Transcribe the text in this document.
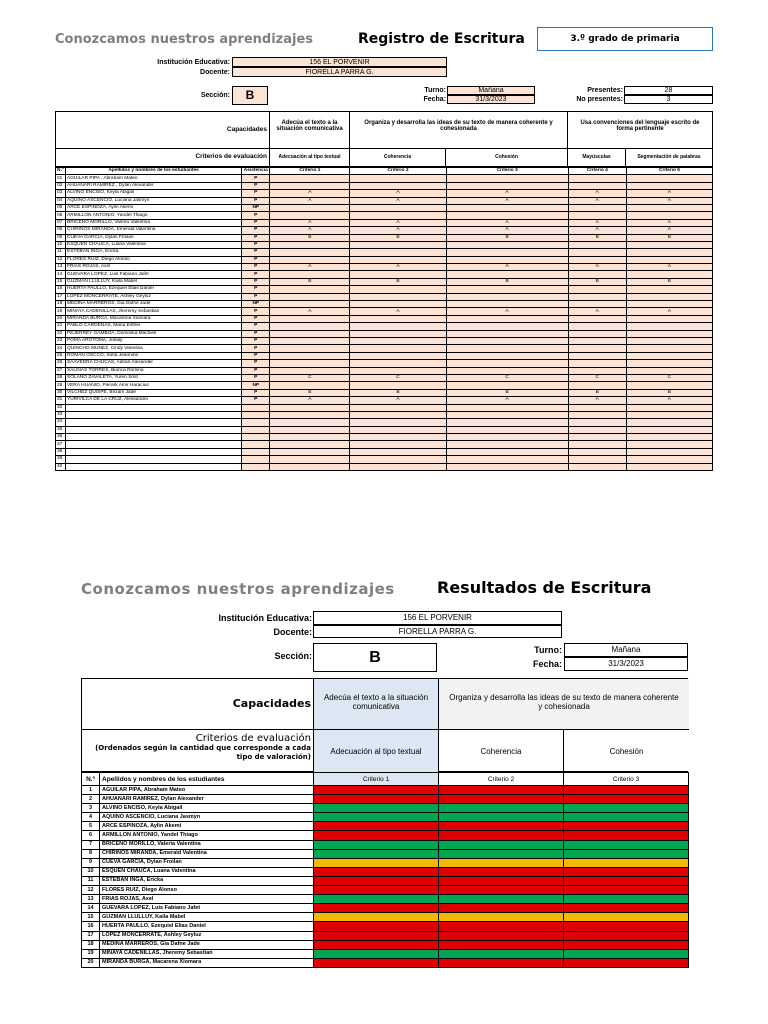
Conozcamos nuestros aprendizajes	Registro de Escritura	3.º grado de primaria
Institución Educativa:	156 EL PORVENIR
Docente:	FIORELLA PARRA G.
Sección:	B	Turno:	Mañana
Fecha:	31/3/2023
Presentes:	28
No presentes:	3
Capacidades
Adecúa el texto a la situación comunicativa
Organiza y desarrolla las ideas de su texto de manera coherente y cohesionada
Usa convenciones del lenguaje escrito de forma pertinente
Criterios de evaluación	Adecuación al tipo textual	Coherencia	Cohesión	Mayúsculas	Segmentación de palabras
N.º	Apellidos y nombres de los estudiantes	Asistencia	Criterio 1	Criterio 2	Criterio 3	Criterio 4	Criterio 5
01	AGUILAR PIPA , Abraham Mateo	P					
02	AHUANARI RAMIREZ , Dylan Alexander	P					
03	ALVINO ENCISO, Keyla Abigail	P	A	A	A	A	A
04	AQUINO ASCENCIO, Luciana Jasmyn	P	A	A	A	A	A
05	ARCE ESPINOZA, Aylin Akemi	NP					
06	ARMILLON ANTONIO, Yandel Thiago	P					
07	BRICEÑO MORILLO, Valeria Valentina	P	A	A	A	A	A
08	CHIRINOS MIRANDA, Emerald Valentina	P	A	A	A	A	A
09	CUEVA GARCIA, Dylan Froilan	P	B	B	B	B	B
10	ESQUEN CHAUCA, Luana Valentina	P					
11	ESTEBAN INGA, Ericka	P					
12	FLORES RUIZ, Diego Alonso	P					
13	FRIAS ROJAS, Axel	P	A	A	A	A	A
14	GUEVARA LOPEZ, Luis Fabiano Jafet	P					
15	GUZMAN LLULLUY, Kaila Mabel	P	B	B	B	B	B
16	HUERTA PAULLO, Ezequiel Elias Daniel	P					
17	LOPEZ MONCERRATE, Ashley Geyluz	P					
18	MEDINA MARREROS, Gia Dafne Jade	NP					
19	MINAYA CADENILLAS, Jheremy Sebastian	P	A	A	A	A	A
20	MIRANDA BURGA, Macarena Xiomara	P					
21	PABLO CARDENAS, Maria Esther	P					
22	PEJERREY GAMBOA, Dominika Machiell	P					
23	POMA AROTOMA, Jokaly	P					
24	QUINCHO MUNEZ, Cindy Vanessa	P					
25	ROMAN OSCCO, Sofia Jeannine	P					
26	SAAVEDRA CHUCAS, Adrián Alexander	P					
27	SALINAS TORRES, Bianca Romina	P					
28	SOLANO ZAVALETA, Yuren Smit	P	C	C	C	C	C
29	VERA HUANIO, Pierark Amir Haracius	NP					
30	VILCHEZ QUISPE, Brizam Jade	P	B	B	B	B	B
31	YURIVILCA DE LA CRUZ, Alessandro	P	A	A	A	A	A
32							
33							
34							
35							
36							
37							
38							
39							
40							
Conozcamos nuestros aprendizajes	Resultados de Escritura
Institución Educativa:	156 EL PORVENIR
Docente:	FIORELLA PARRA G.
Sección:	B	Turno:	Mañana
Fecha:	31/3/2023
Capacidades	Adecúa el texto a la situación comunicativa
Organiza y desarrolla las ideas de su texto de manera coherente y cohesionada
Criterios de evaluación
(Ordenados según la cantidad que corresponde a cada tipo de valoración)
Adecuación al tipo textual	Coherencia	Cohesión
N.º	Apellidos y nombres de los estudiantes	Criterio 1	Criterio 2	Criterio 3
1	AGUILAR PIPA, Abraham Mateo			
2	AHUANARI RAMIREZ, Dylan Alexander			
3	ALVINO ENCISO, Keyla Abigail			
4	AQUINO ASCENCIO, Luciana Jasmyn			
5	ARCE ESPINOZA, Aylin Akemi			
6	ARMILLON ANTONIO, Yandel Thiago			
7	BRICENO MORILLO, Valeria Valentina			
8	CHIRINOS MIRANDA, Emerald Valentina			
9	CUEVA GARCIA, Dylan Froilan			
10	ESQUEN CHAUCA, Luana Valentina			
11	ESTEBAN INGA, Ericka			
12	FLORES RUIZ, Diego Alonso			
13	FRIAS ROJAS, Axel			
14	GUEVARA LOPEZ, Luis Fabiano Jafet			
15	GUZMAN LLULLUY, Kaila Mabel			
16	HUERTA PAULLO, Ezequiel Elias Daniel			
17	LOPEZ MONCERRATE, Ashley Geyluz			
18	MEDINA MARREROS, Gia Dafne Jade			
19	MINAYA CADENILLAS, Jheremy Sebastian			
20	MIRANDA BURGA, Macarena Xiomara			
